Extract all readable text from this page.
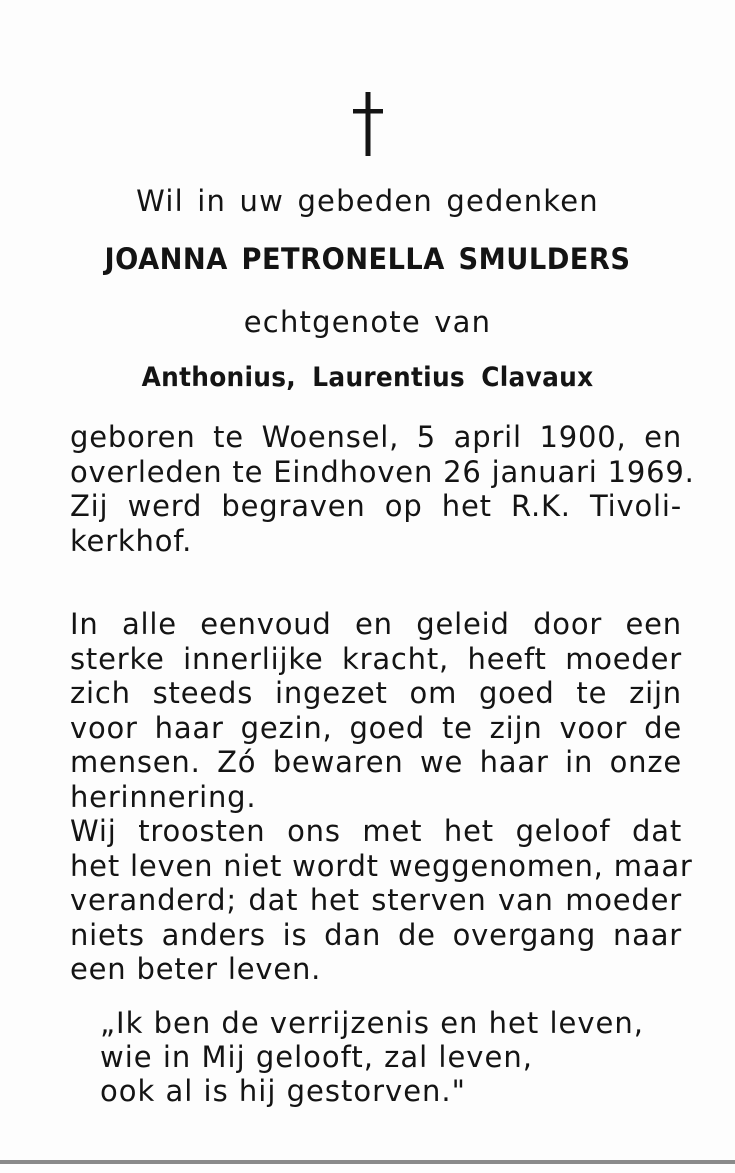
Wil in uw gebeden gedenken
JOANNA PETRONELLA SMULDERS
echtgenote van
Anthonius, Laurentius Clavaux
geboren te Woensel, 5 april 1900, en
overleden te Eindhoven 26 januari 1969.
Zij werd begraven op het R.K. Tivoli-
kerkhof.
In alle eenvoud en geleid door een
sterke innerlijke kracht, heeft moeder
zich steeds ingezet om goed te zijn
voor haar gezin, goed te zijn voor de
mensen. Zó bewaren we haar in onze
herinnering.
Wij troosten ons met het geloof dat
het leven niet wordt weggenomen, maar
veranderd; dat het sterven van moeder
niets anders is dan de overgang naar
een beter leven.
„Ik ben de verrijzenis en het leven,
wie in Mij gelooft, zal leven,
ook al is hij gestorven."
